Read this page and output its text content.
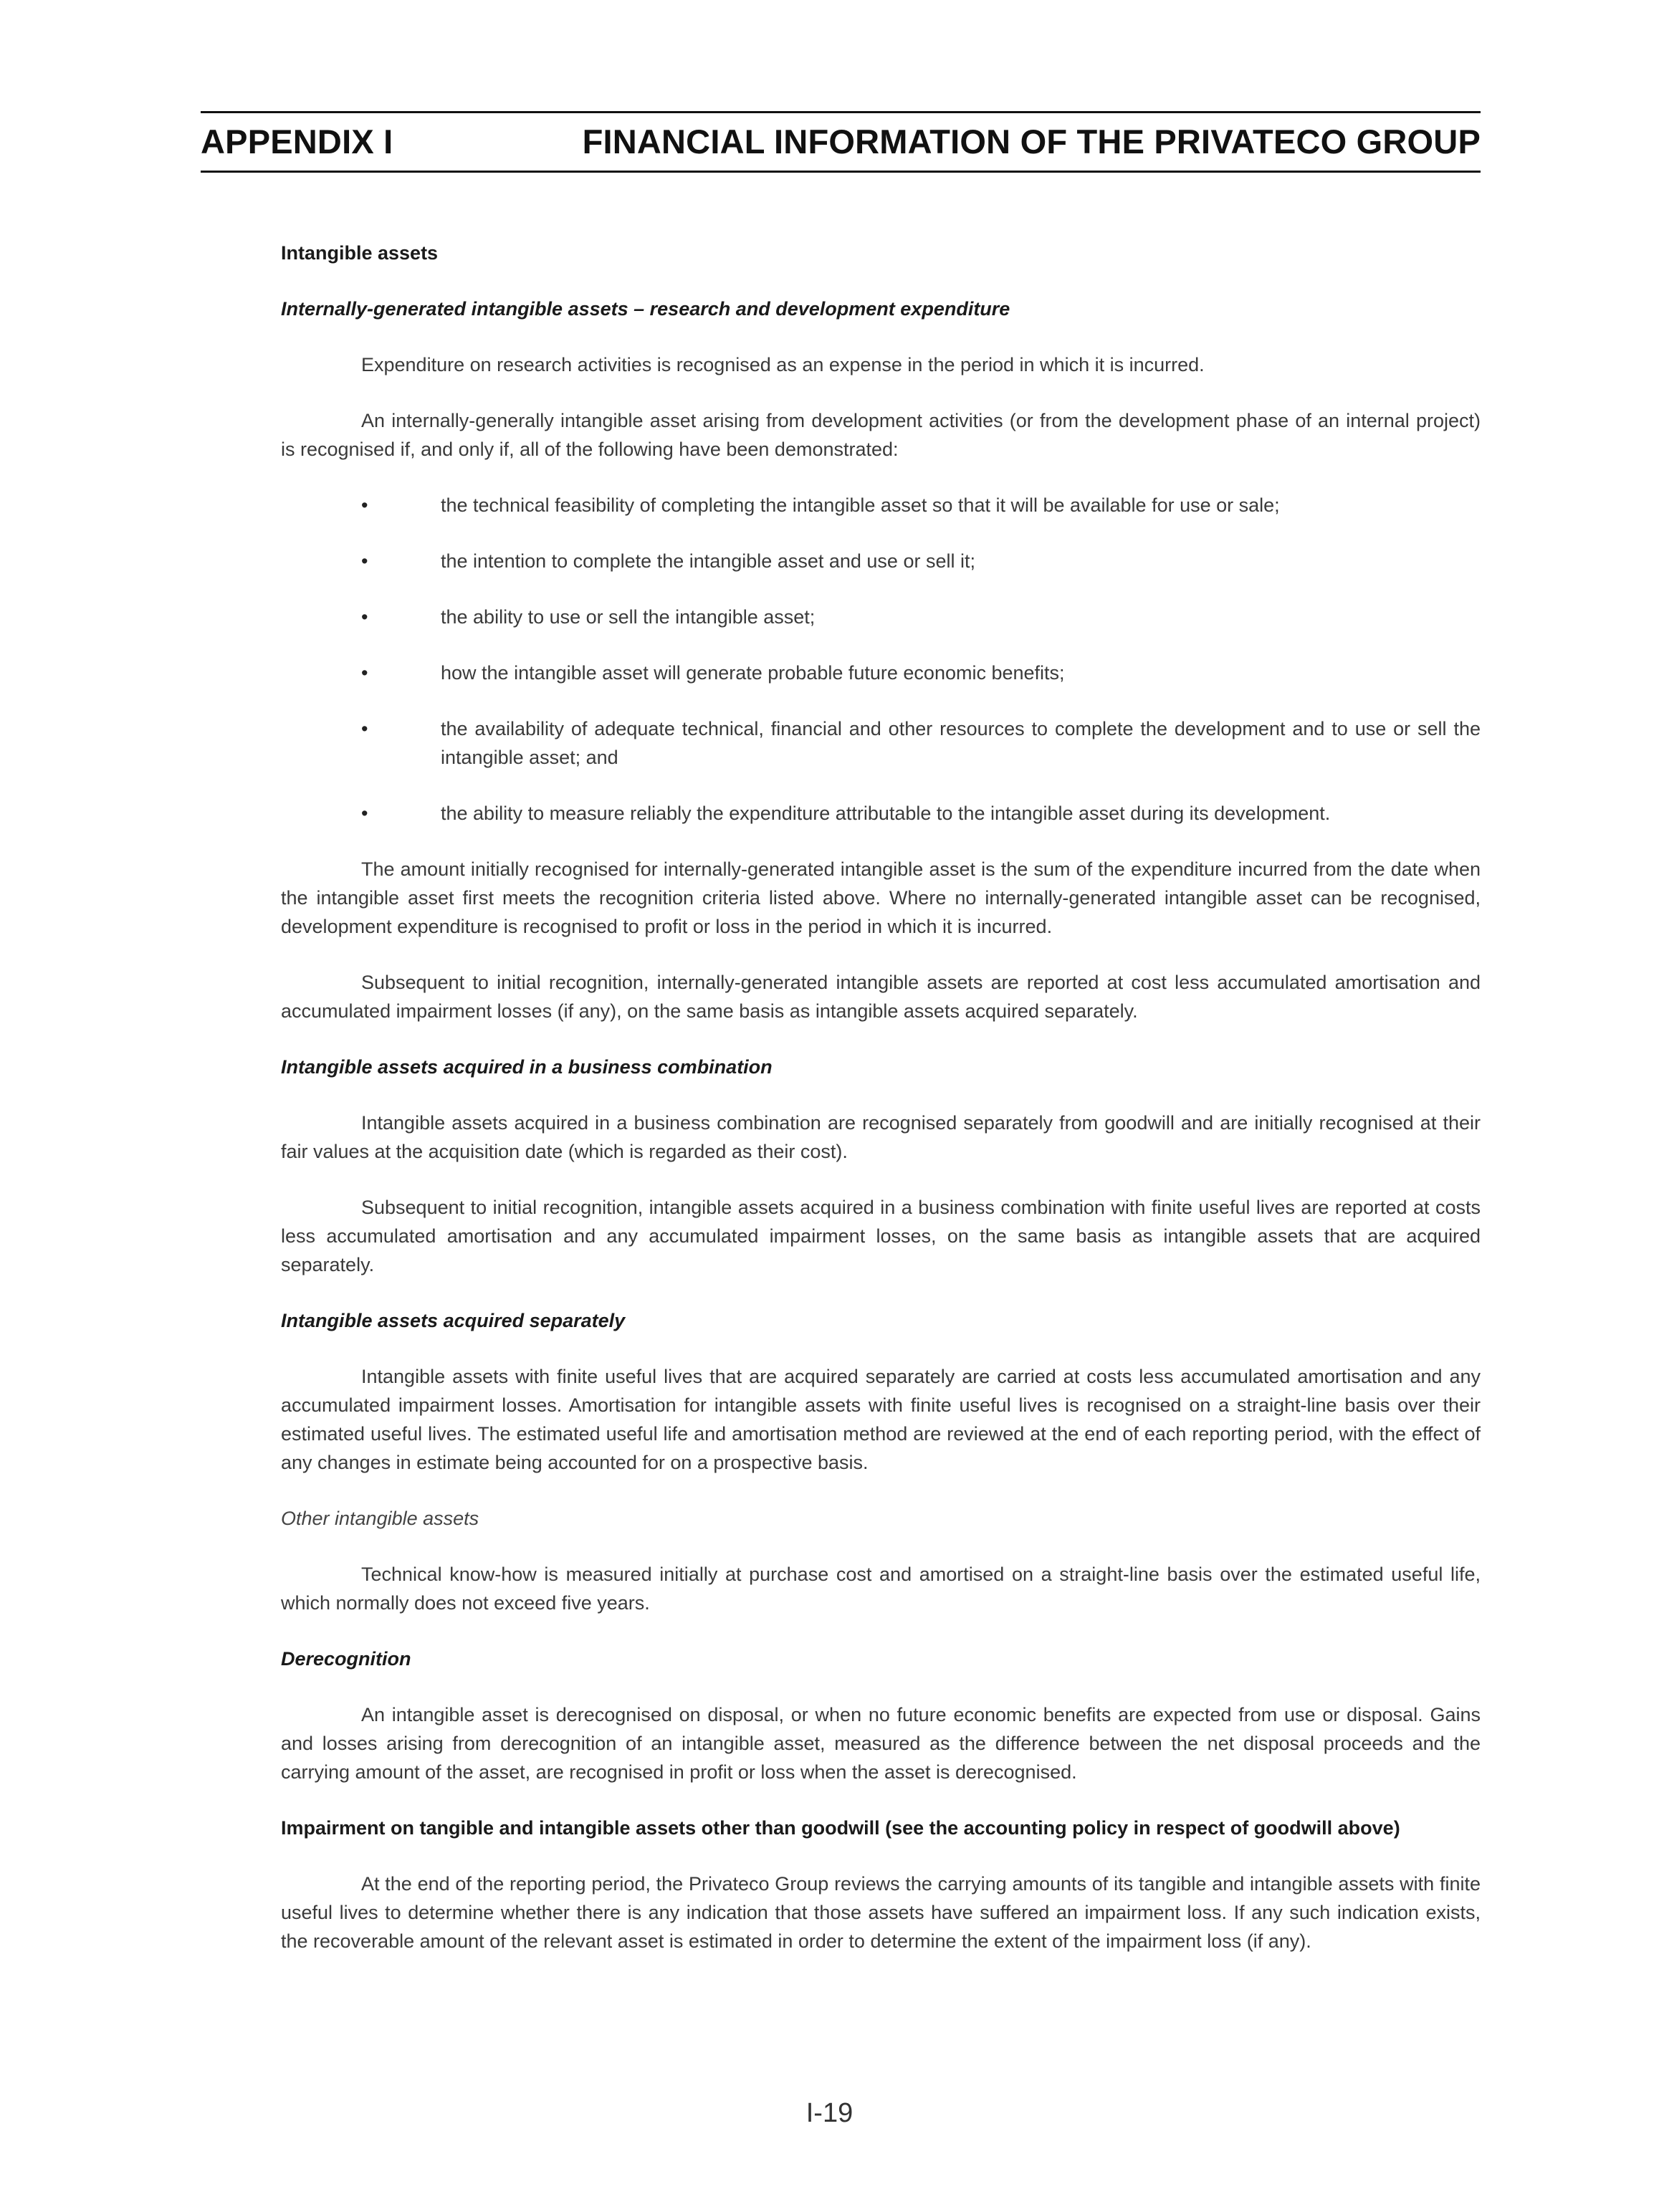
APPENDIX I	FINANCIAL INFORMATION OF THE PRIVATECO GROUP
Intangible assets
Internally-generated intangible assets – research and development expenditure

Expenditure on research activities is recognised as an expense in the period in which it is incurred.

An internally-generally intangible asset arising from development activities (or from the development phase of an internal project) is recognised if, and only if, all of the following have been demonstrated:

•	the technical feasibility of completing the intangible asset so that it will be available for use or sale;
•	the intention to complete the intangible asset and use or sell it;
•	the ability to use or sell the intangible asset;
•	how the intangible asset will generate probable future economic benefits;
•	the availability of adequate technical, financial and other resources to complete the development and to use or sell the intangible asset; and
•	the ability to measure reliably the expenditure attributable to the intangible asset during its development.

The amount initially recognised for internally-generated intangible asset is the sum of the expenditure incurred from the date when the intangible asset first meets the recognition criteria listed above. Where no internally-generated intangible asset can be recognised, development expenditure is recognised to profit or loss in the period in which it is incurred.

Subsequent to initial recognition, internally-generated intangible assets are reported at cost less accumulated amortisation and accumulated impairment losses (if any), on the same basis as intangible assets acquired separately.

Intangible assets acquired in a business combination

Intangible assets acquired in a business combination are recognised separately from goodwill and are initially recognised at their fair values at the acquisition date (which is regarded as their cost).

Subsequent to initial recognition, intangible assets acquired in a business combination with finite useful lives are reported at costs less accumulated amortisation and any accumulated impairment losses, on the same basis as intangible assets that are acquired separately.

Intangible assets acquired separately

Intangible assets with finite useful lives that are acquired separately are carried at costs less accumulated amortisation and any accumulated impairment losses. Amortisation for intangible assets with finite useful lives is recognised on a straight-line basis over their estimated useful lives. The estimated useful life and amortisation method are reviewed at the end of each reporting period, with the effect of any changes in estimate being accounted for on a prospective basis.

Other intangible assets

Technical know-how is measured initially at purchase cost and amortised on a straight-line basis over the estimated useful life, which normally does not exceed five years.

Derecognition

An intangible asset is derecognised on disposal, or when no future economic benefits are expected from use or disposal. Gains and losses arising from derecognition of an intangible asset, measured as the difference between the net disposal proceeds and the carrying amount of the asset, are recognised in profit or loss when the asset is derecognised.

Impairment on tangible and intangible assets other than goodwill (see the accounting policy in respect of goodwill above)

At the end of the reporting period, the Privateco Group reviews the carrying amounts of its tangible and intangible assets with finite useful lives to determine whether there is any indication that those assets have suffered an impairment loss. If any such indication exists, the recoverable amount of the relevant asset is estimated in order to determine the extent of the impairment loss (if any).

I-19
